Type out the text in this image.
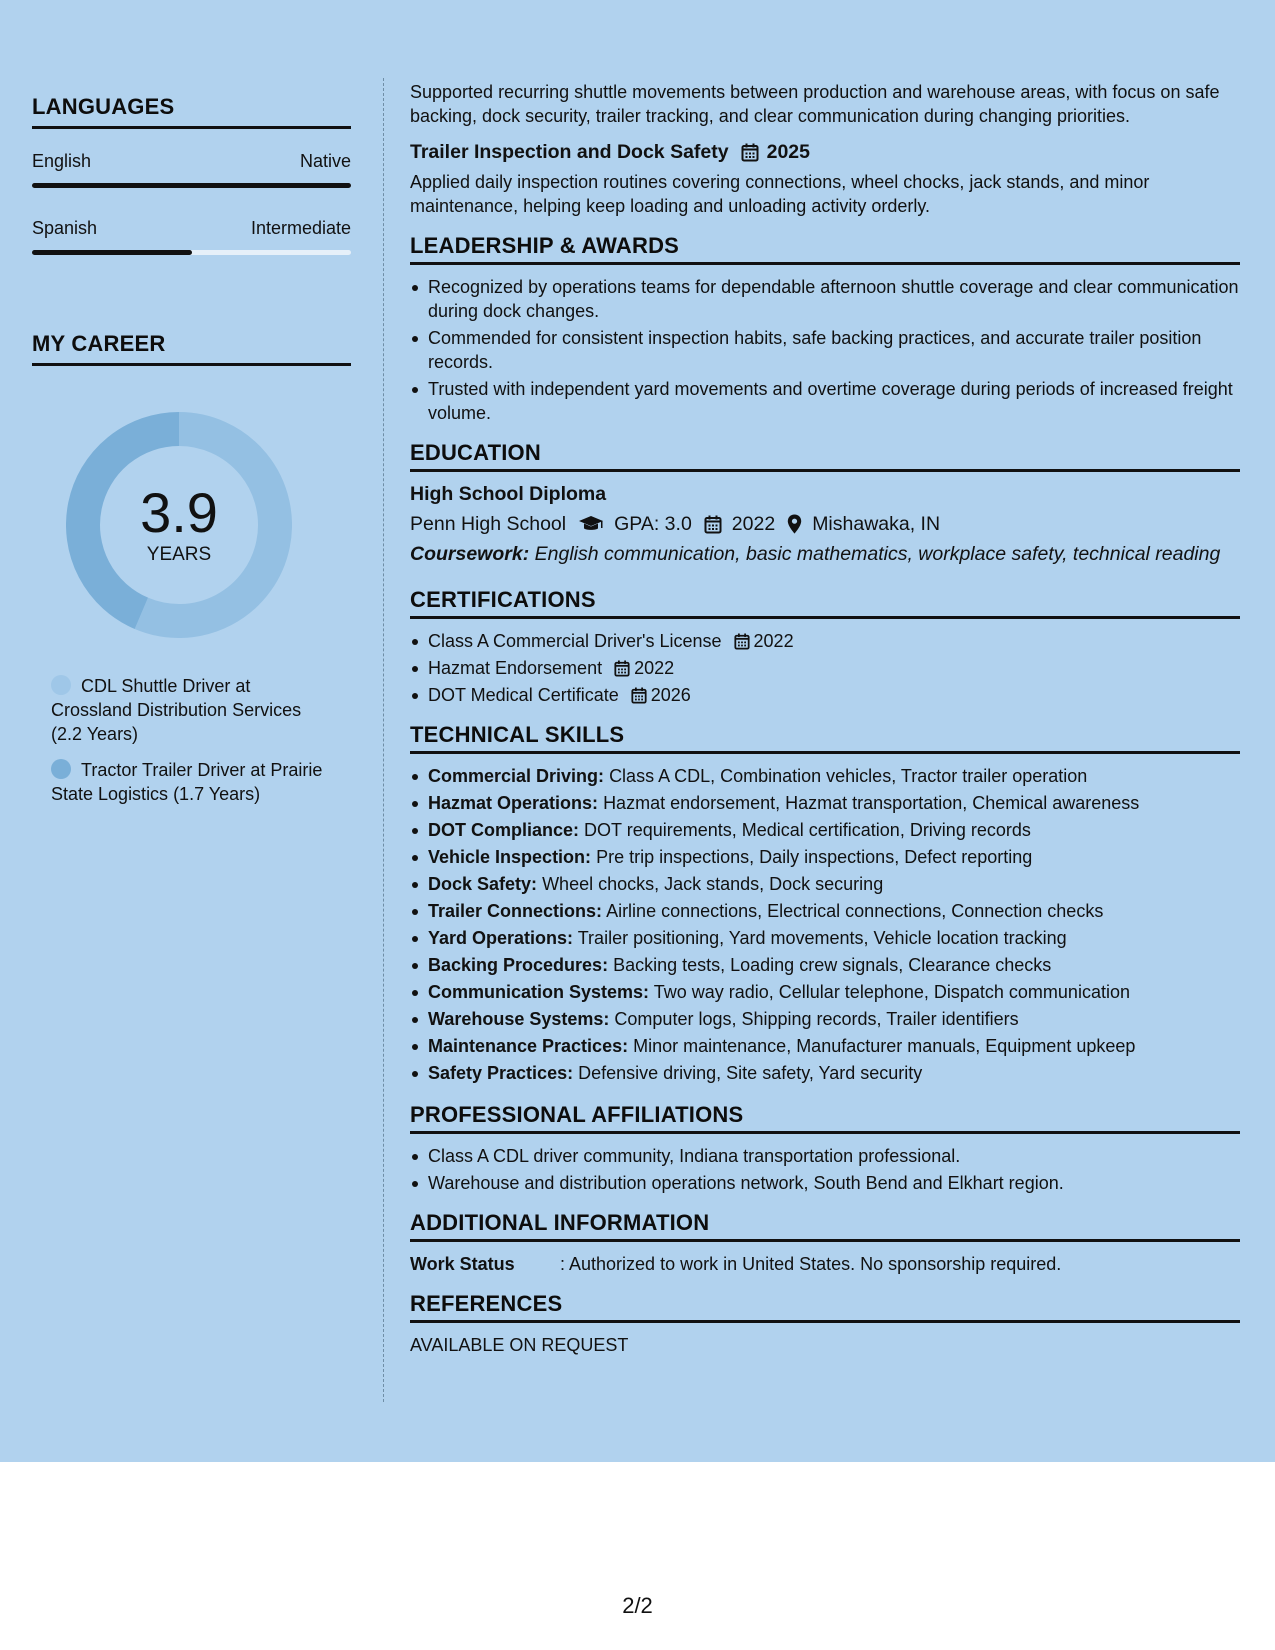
LANGUAGES
English	Native
Spanish	Intermediate
MY CAREER
3.9
YEARS
CDL Shuttle Driver at Crossland Distribution Services (2.2 Years)
Tractor Trailer Driver at Prairie State Logistics (1.7 Years)

Supported recurring shuttle movements between production and warehouse areas, with focus on safe backing, dock security, trailer tracking, and clear communication during changing priorities.

Trailer Inspection and Dock Safety 2025

Applied daily inspection routines covering connections, wheel chocks, jack stands, and minor maintenance, helping keep loading and unloading activity orderly.

LEADERSHIP & AWARDS
Recognized by operations teams for dependable afternoon shuttle coverage and clear communication during dock changes.
Commended for consistent inspection habits, safe backing practices, and accurate trailer position records.
Trusted with independent yard movements and overtime coverage during periods of increased freight volume.
EDUCATION
High School Diploma
Penn High School GPA: 3.0 2022 Mishawaka, IN

Coursework: English communication, basic mathematics, workplace safety, technical reading

CERTIFICATIONS
Class A Commercial Driver's License 2022
Hazmat Endorsement 2022
DOT Medical Certificate 2026
TECHNICAL SKILLS
Commercial Driving: Class A CDL, Combination vehicles, Tractor trailer operation
Hazmat Operations: Hazmat endorsement, Hazmat transportation, Chemical awareness
DOT Compliance: DOT requirements, Medical certification, Driving records
Vehicle Inspection: Pre trip inspections, Daily inspections, Defect reporting
Dock Safety: Wheel chocks, Jack stands, Dock securing
Trailer Connections: Airline connections, Electrical connections, Connection checks
Yard Operations: Trailer positioning, Yard movements, Vehicle location tracking
Backing Procedures: Backing tests, Loading crew signals, Clearance checks
Communication Systems: Two way radio, Cellular telephone, Dispatch communication
Warehouse Systems: Computer logs, Shipping records, Trailer identifiers
Maintenance Practices: Minor maintenance, Manufacturer manuals, Equipment upkeep
Safety Practices: Defensive driving, Site safety, Yard security
PROFESSIONAL AFFILIATIONS
Class A CDL driver community, Indiana transportation professional.
Warehouse and distribution operations network, South Bend and Elkhart region.
ADDITIONAL INFORMATION
Work Status	: Authorized to work in United States. No sponsorship required.
REFERENCES
AVAILABLE ON REQUEST
2/2
